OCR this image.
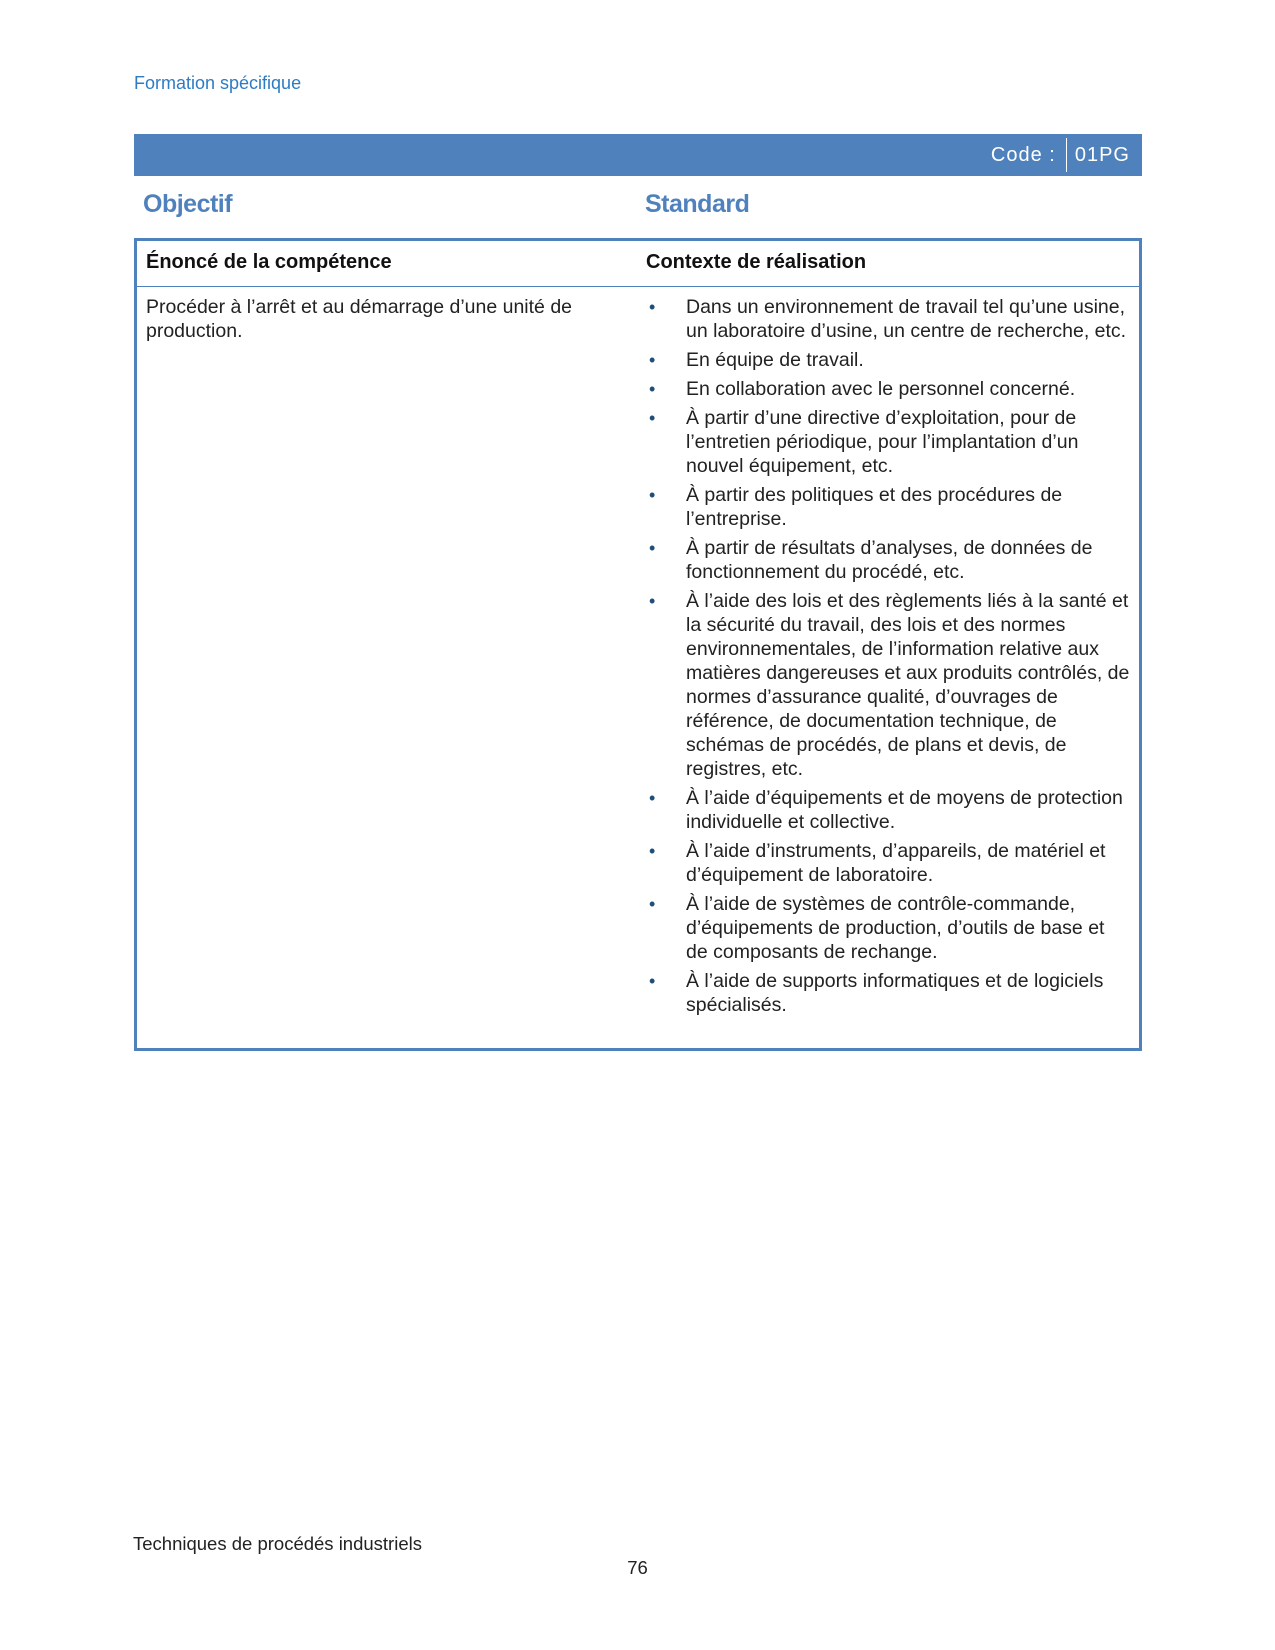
Formation spécifique
Code : 01PG
Objectif	Standard
Énoncé de la compétence	Contexte de réalisation
Procéder à l’arrêt et au démarrage d’une unité de production.
• Dans un environnement de travail tel qu’une usine, un laboratoire d’usine, un centre de recherche, etc.
• En équipe de travail.
• En collaboration avec le personnel concerné.
• À partir d’une directive d’exploitation, pour de l’entretien périodique, pour l’implantation d’un nouvel équipement, etc.
• À partir des politiques et des procédures de l’entreprise.
• À partir de résultats d’analyses, de données de fonctionnement du procédé, etc.
• À l’aide des lois et des règlements liés à la santé et la sécurité du travail, des lois et des normes environnementales, de l’information relative aux matières dangereuses et aux produits contrôlés, de normes d’assurance qualité, d’ouvrages de référence, de documentation technique, de schémas de procédés, de plans et devis, de registres, etc.
• À l’aide d’équipements et de moyens de protection individuelle et collective.
• À l’aide d’instruments, d’appareils, de matériel et d’équipement de laboratoire.
• À l’aide de systèmes de contrôle-commande, d’équipements de production, d’outils de base et de composants de rechange.
• À l’aide de supports informatiques et de logiciels spécialisés.
Techniques de procédés industriels
76
